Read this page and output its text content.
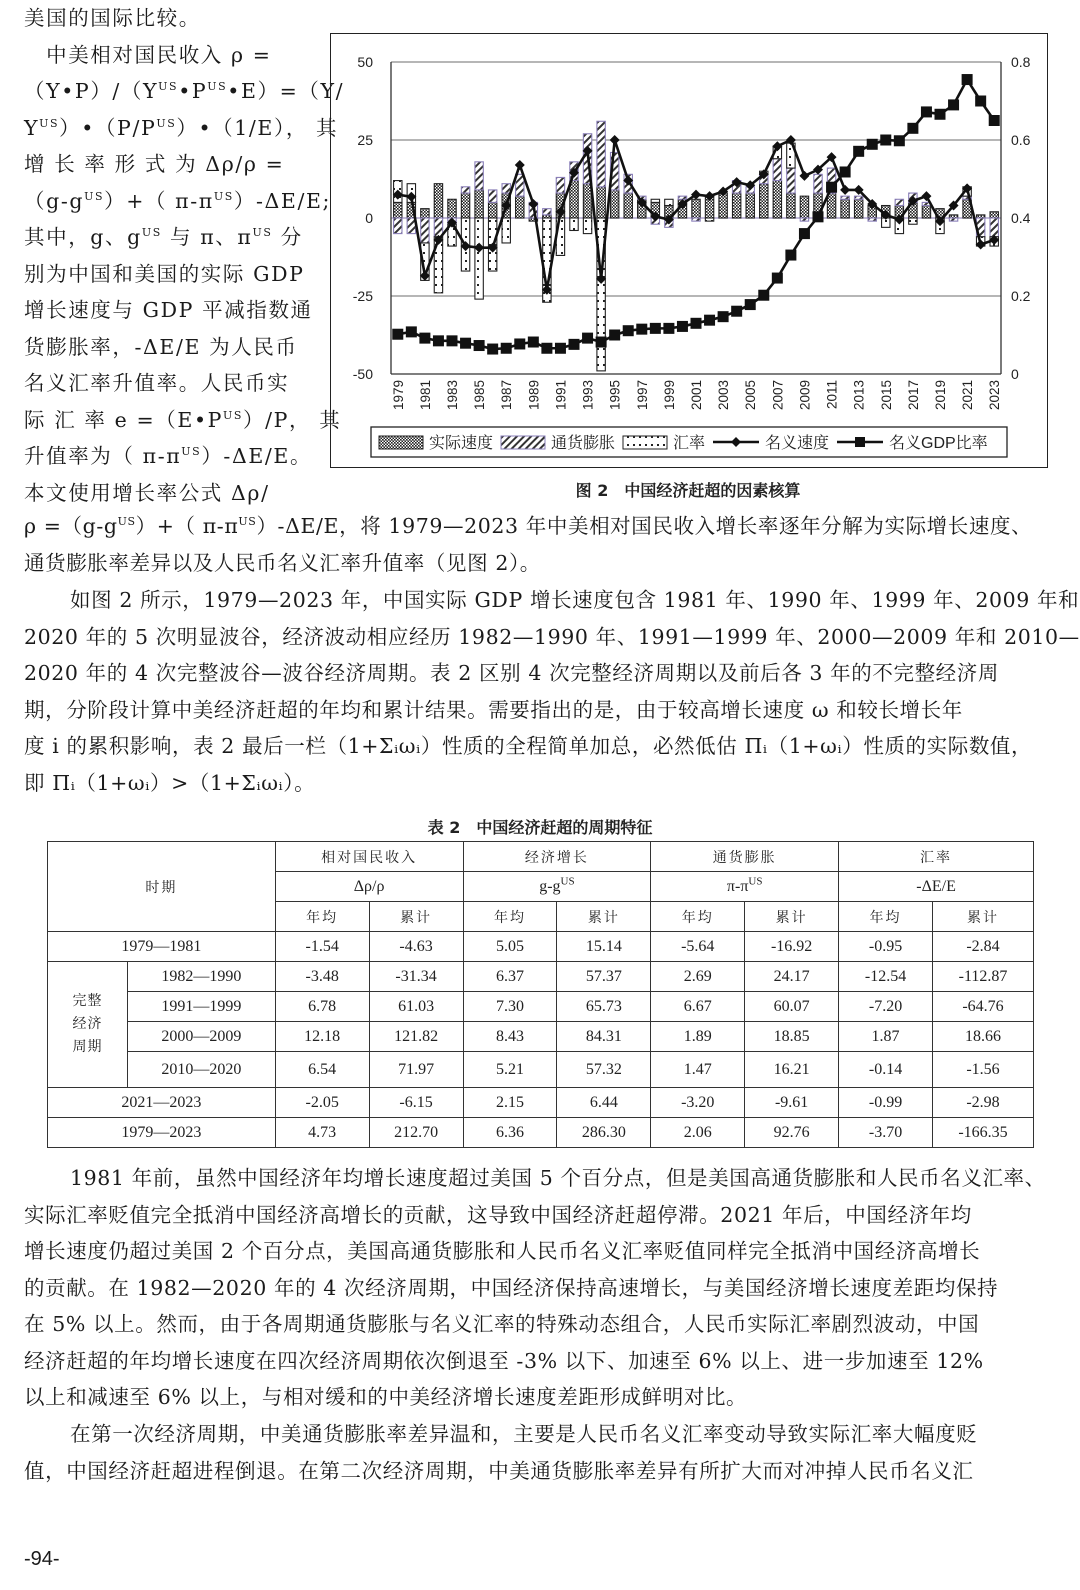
美国的国际比较。
　中美相对国民收入 ρ =
$(Y•P)/(Y^{US}•P^{US}•E)=(Y/$
$Y^{US})•(P/P^{US})•(1/E)$， 其
增 长 率 形 式 为 Δρ/ρ =
$(g-g^{US})+$（ $\pi-\pi^{US})-\Delta E/E$;
其中，g、$g^{US}$ 与 π、$\pi^{US}$ 分
别为中国和美国的实际 GDP
增长速度与 GDP 平减指数通
货膨胀率，-ΔE/E 为人民币
名义汇率升值率。人民币实
际 汇 率 $e =(E•P^{US})/P$， 其
升值率为（ $\pi-\pi^{US})-\Delta E/E$。
本文使用增长率公式 Δρ/
50
25
0
-25
-50
0.8
0.6
0.4
0.2
0
1979 1981 1983 1985 1987 1989 1991 1993 1995 1997 1999 2001 2003 2005 2007 2009 2011 2013 2015 2017 2019 2021 2023
实际速度	通货膨胀	汇率	名义速度	名义GDP比率
图 2　中国经济赶超的因素核算
$\rho =(g-g^{US})+$（ $\pi-\pi^{US})-\Delta E/E$，将 1979—2023 年中美相对国民收入增长率逐年分解为实际增长速度、
通货膨胀率差异以及人民币名义汇率升值率（见图 2）。
如图 2 所示，1979—2023 年，中国实际 GDP 增长速度包含 1981 年、1990 年、1999 年、2009 年和
2020 年的 5 次明显波谷，经济波动相应经历 1982—1990 年、1991—1999 年、2000—2009 年和 2010—
2020 年的 4 次完整波谷—波谷经济周期。表 2 区别 4 次完整经济周期以及前后各 3 年的不完整经济周
期，分阶段计算中美经济赶超的年均和累计结果。需要指出的是，由于较高增长速度 ω 和较长增长年
度 i 的累积影响，表 2 最后一栏（1+Σᵢωᵢ）性质的全程简单加总，必然低估 Πᵢ（1+ωᵢ）性质的实际数值，
即 Πᵢ（1+ωᵢ）>（1+Σᵢωᵢ）。
表 2　中国经济赶超的周期特征
时期		相对国民收入		经济增长		通货膨胀		汇率	
		Δρ/ρ		$g-g^{US}$		$\pi-\pi^{US}$		-ΔE/E	
		年均	累计	年均	累计	年均	累计	年均	累计
1979—1981		-1.54	-4.63	5.05	15.14	-5.64	-16.92	-0.95	-2.84
完整经济周期	1982—1990	-3.48	-31.34	6.37	57.37	2.69	24.17	-12.54	-112.87
	1991—1999	6.78	61.03	7.30	65.73	6.67	60.07	-7.20	-64.76
	2000—2009	12.18	121.82	8.43	84.31	1.89	18.85	1.87	18.66
	2010—2020	6.54	71.97	5.21	57.32	1.47	16.21	-0.14	-1.56
2021—2023		-2.05	-6.15	2.15	6.44	-3.20	-9.61	-0.99	-2.98
1979—2023		4.73	212.70	6.36	286.30	2.06	92.76	-3.70	-166.35
1981 年前，虽然中国经济年均增长速度超过美国 5 个百分点，但是美国高通货膨胀和人民币名义汇率、
实际汇率贬值完全抵消中国经济高增长的贡献，这导致中国经济赶超停滞。2021 年后，中国经济年均
增长速度仍超过美国 2 个百分点，美国高通货膨胀和人民币名义汇率贬值同样完全抵消中国经济高增长
的贡献。在 1982—2020 年的 4 次经济周期，中国经济保持高速增长，与美国经济增长速度差距均保持
在 5% 以上。然而，由于各周期通货膨胀与名义汇率的特殊动态组合，人民币实际汇率剧烈波动，中国
经济赶超的年均增长速度在四次经济周期依次倒退至 -3% 以下、加速至 6% 以上、进一步加速至 12%
以上和减速至 6% 以上，与相对缓和的中美经济增长速度差距形成鲜明对比。
在第一次经济周期，中美通货膨胀率差异温和，主要是人民币名义汇率变动导致实际汇率大幅度贬
值，中国经济赶超进程倒退。在第二次经济周期，中美通货膨胀率差异有所扩大而对冲掉人民币名义汇
-94-
